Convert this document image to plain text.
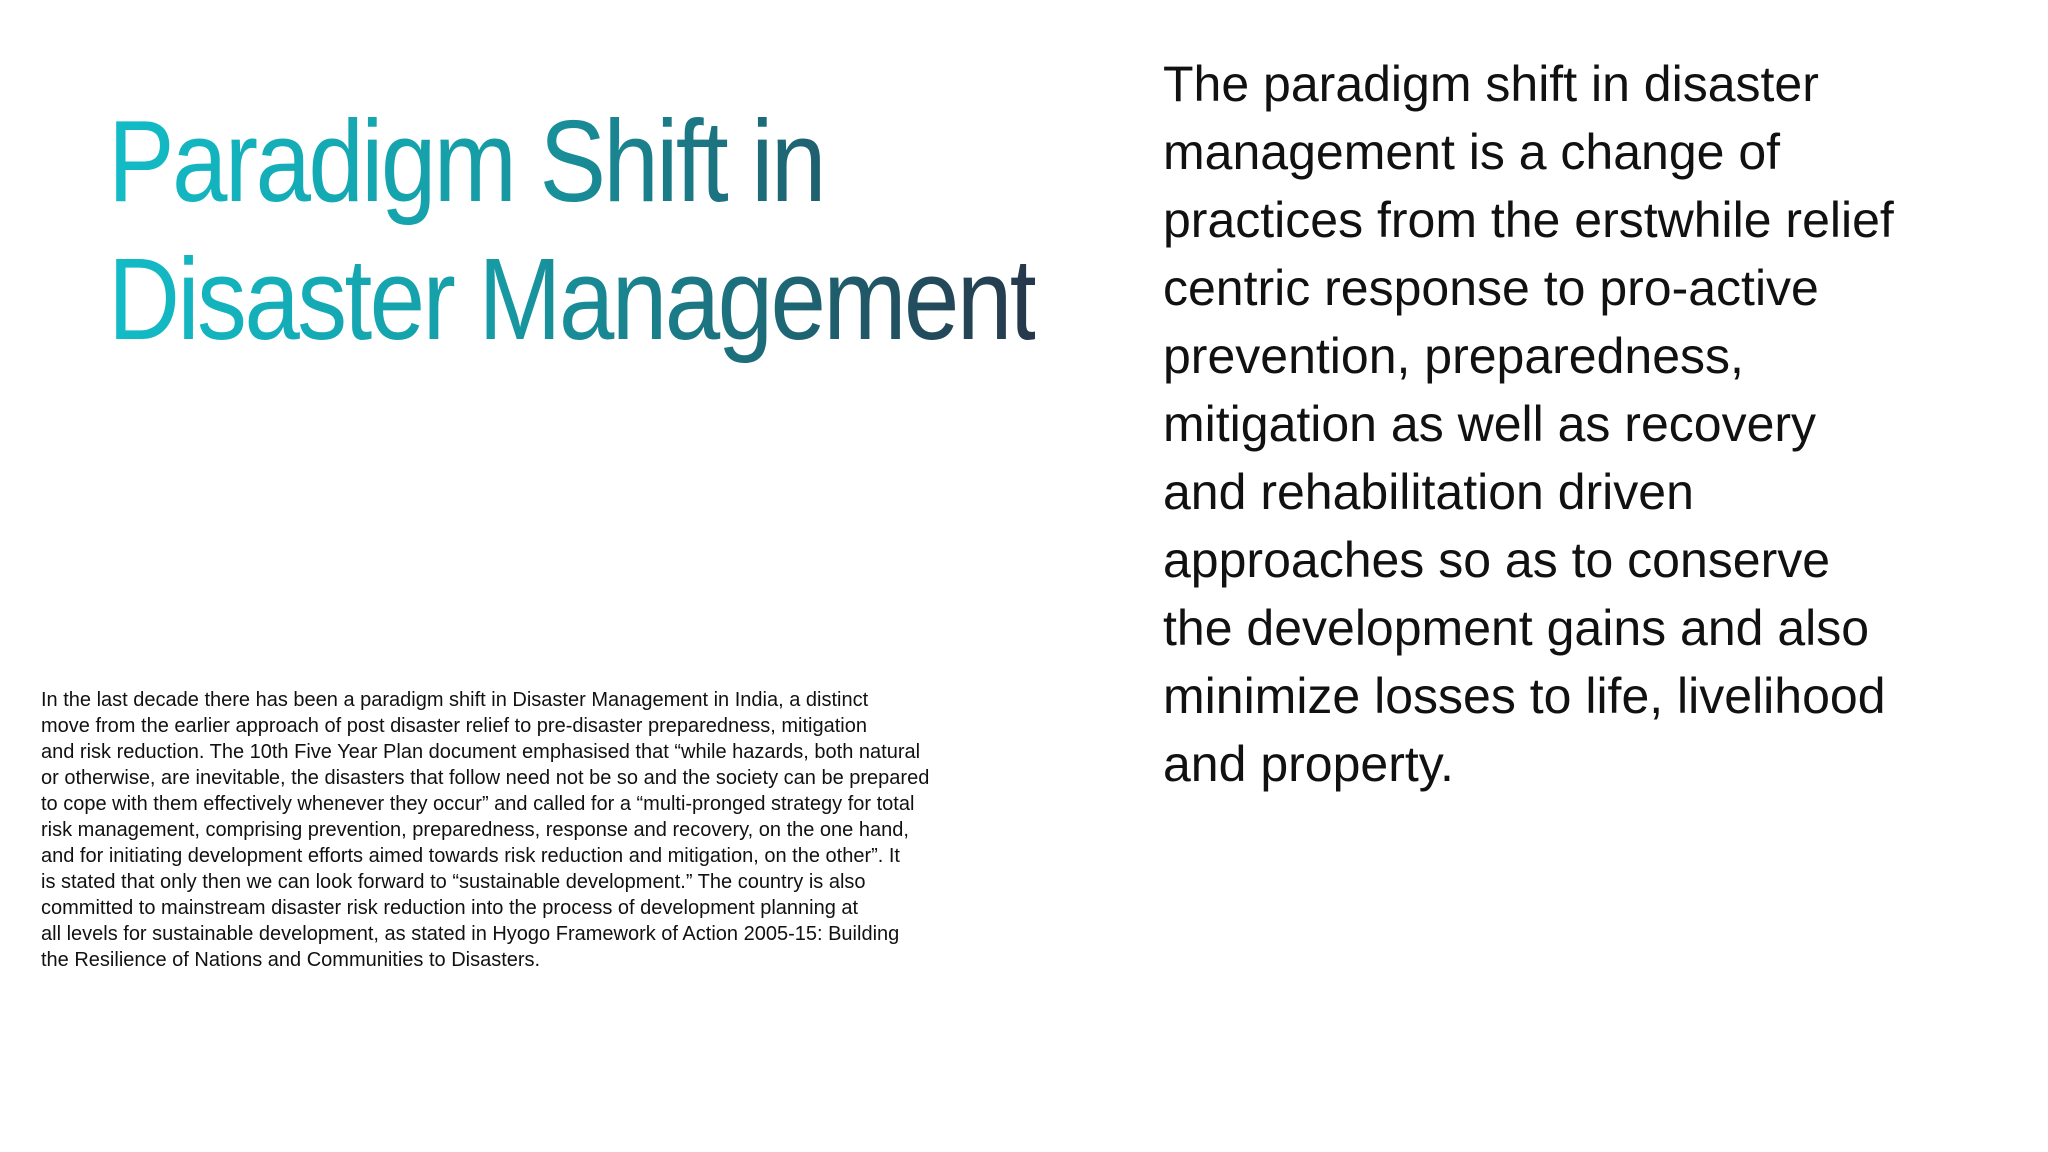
Paradigm Shift in
Disaster Management

The paradigm shift in disaster
management is a change of
practices from the erstwhile relief
centric response to pro-active
prevention, preparedness,
mitigation as well as recovery
and rehabilitation driven
approaches so as to conserve
the development gains and also
minimize losses to life, livelihood
and property.

In the last decade there has been a paradigm shift in Disaster Management in India, a distinct
move from the earlier approach of post disaster relief to pre-disaster preparedness, mitigation
and risk reduction. The 10th Five Year Plan document emphasised that “while hazards, both natural
or otherwise, are inevitable, the disasters that follow need not be so and the society can be prepared
to cope with them effectively whenever they occur” and called for a “multi-pronged strategy for total
risk management, comprising prevention, preparedness, response and recovery, on the one hand,
and for initiating development efforts aimed towards risk reduction and mitigation, on the other”. It
is stated that only then we can look forward to “sustainable development.” The country is also
committed to mainstream disaster risk reduction into the process of development planning at
all levels for sustainable development, as stated in Hyogo Framework of Action 2005-15: Building
the Resilience of Nations and Communities to Disasters.
